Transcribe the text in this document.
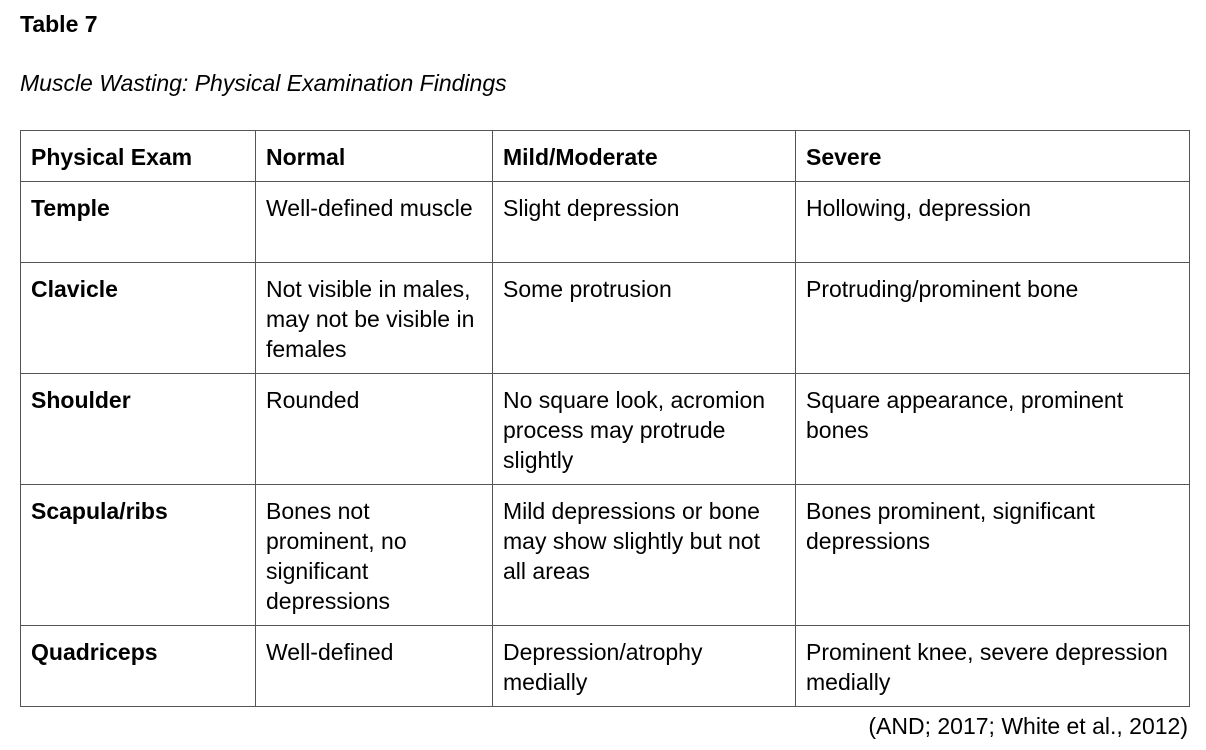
Table 7
Muscle Wasting: Physical Examination Findings
Physical Exam	Normal	Mild/Moderate	Severe
Temple	Well-defined muscle	Slight depression	Hollowing, depression
Clavicle	Not visible in males, may not be visible in females	Some protrusion	Protruding/prominent bone
Shoulder	Rounded	No square look, acromion process may protrude slightly	Square appearance, prominent bones
Scapula/ribs	Bones not prominent, no significant depressions	Mild depressions or bone may show slightly but not all areas	Bones prominent, significant depressions
Quadriceps	Well-defined	Depression/atrophy medially	Prominent knee, severe depression medially
(AND; 2017; White et al., 2012)
